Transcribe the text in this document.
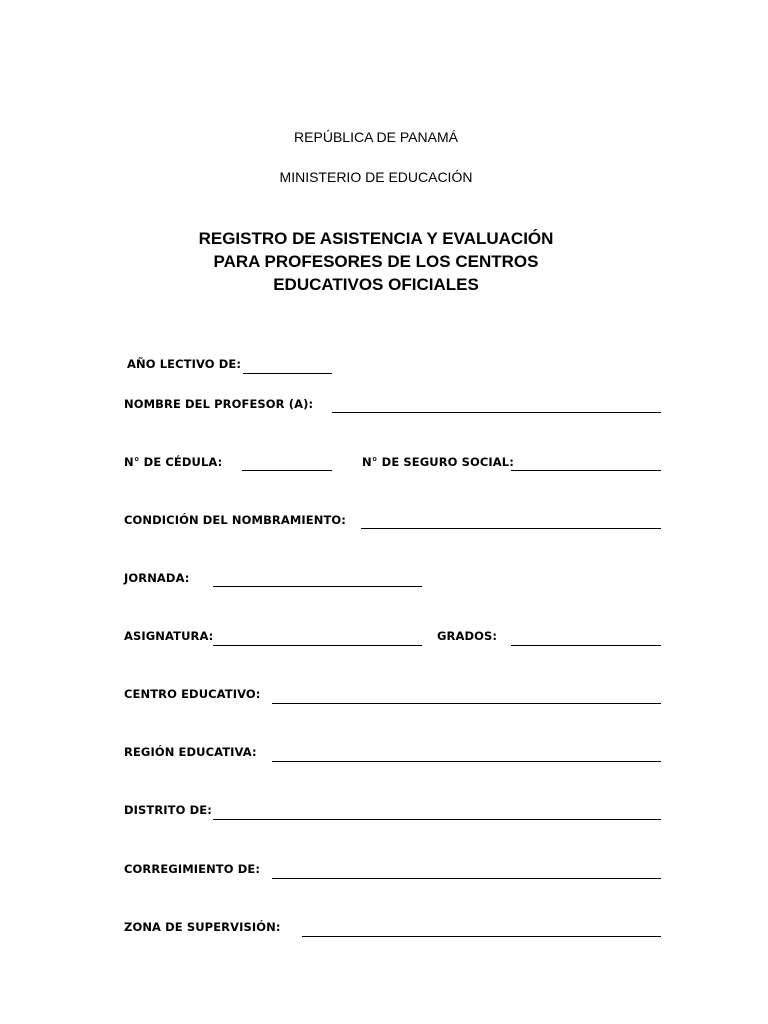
REPÚBLICA DE PANAMÁ
MINISTERIO DE EDUCACIÓN
REGISTRO DE ASISTENCIA Y EVALUACIÓN
PARA PROFESORES DE LOS CENTROS
EDUCATIVOS OFICIALES
AÑO LECTIVO DE:
NOMBRE DEL PROFESOR (A):
N° DE CÉDULA:	N° DE SEGURO SOCIAL:
CONDICIÓN DEL NOMBRAMIENTO:
JORNADA:
ASIGNATURA:	GRADOS:
CENTRO EDUCATIVO:
REGIÓN EDUCATIVA:
DISTRITO DE:
CORREGIMIENTO DE:
ZONA DE SUPERVISIÓN:
